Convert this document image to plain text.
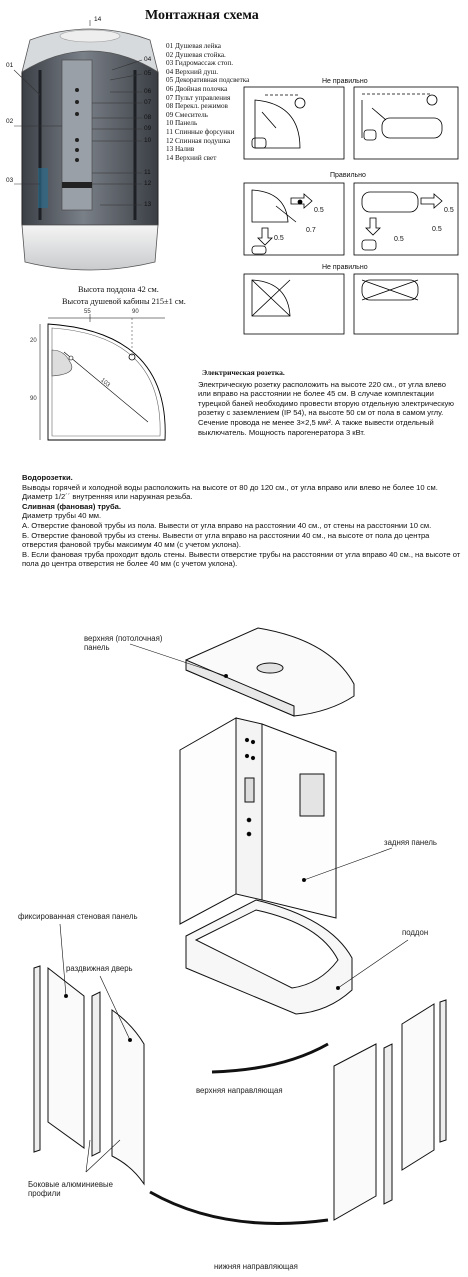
Монтажная схема
01 Душевая лейка
02 Душевая стойка.
03 Гидромассаж стоп.
04 Верхний душ.
05 Декоративная подсветка
06 Двойная полочка
07 Пульт управления
08 Перекл. режимов
09 Смеситель
10 Панель
11 Спинные форсунки
12 Спинная подушка
13 Налив
14 Верхний свет
01
02
03
14
04
05
06
07
08
09
10
11
12
13
Высота поддона 42 см.
Высота душевой кабины 215±1 см.
55	90
20
90
103
Не правильно
Правильно
Не правильно
0.5
0.7
0.5
0.5
0.5
0.5
Электрическая розетка.
Электрическую розетку расположить на высоте 220 см., от угла влево или вправо на расстоянии не более 45 см. В случае комплектации турецкой баней необходимо провести вторую отдельную электрическую розетку с заземлением (IP 54), на высоте 50 см от пола в самом углу. Сечение провода не менее 3×2,5 мм². А также вывести отдельный выключатель. Мощность парогенератора 3 кВт.
Водорозетки.
Выводы горячей и холодной воды расположить на высоте от 80 до 120 см., от угла вправо или влево не более 10 см. Диаметр 1/2´´ внутренняя или наружная резьба.
Сливная (фановая) труба.
Диаметр трубы 40 мм.
А. Отверстие фановой трубы из пола. Вывести от угла вправо на расстоянии 40 см., от стены на расстоянии 10 см.
Б. Отверстие фановой трубы из стены. Вывести от угла вправо на расстоянии 40 см., на высоте от пола до центра отверстия фановой трубы максимум 40 мм (с учетом уклона).
В. Если фановая труба проходит вдоль стены. Вывести отверстие трубы на расстоянии от угла вправо 40 см., на высоте от пола до центра отверстия не более 40 мм (с учетом уклона).
верхняя (потолочная) панель
задняя панель
фиксированная стеновая панель
раздвижная дверь
поддон
верхняя направляющая
Боковые алюминиевые профили
нижняя направляющая
